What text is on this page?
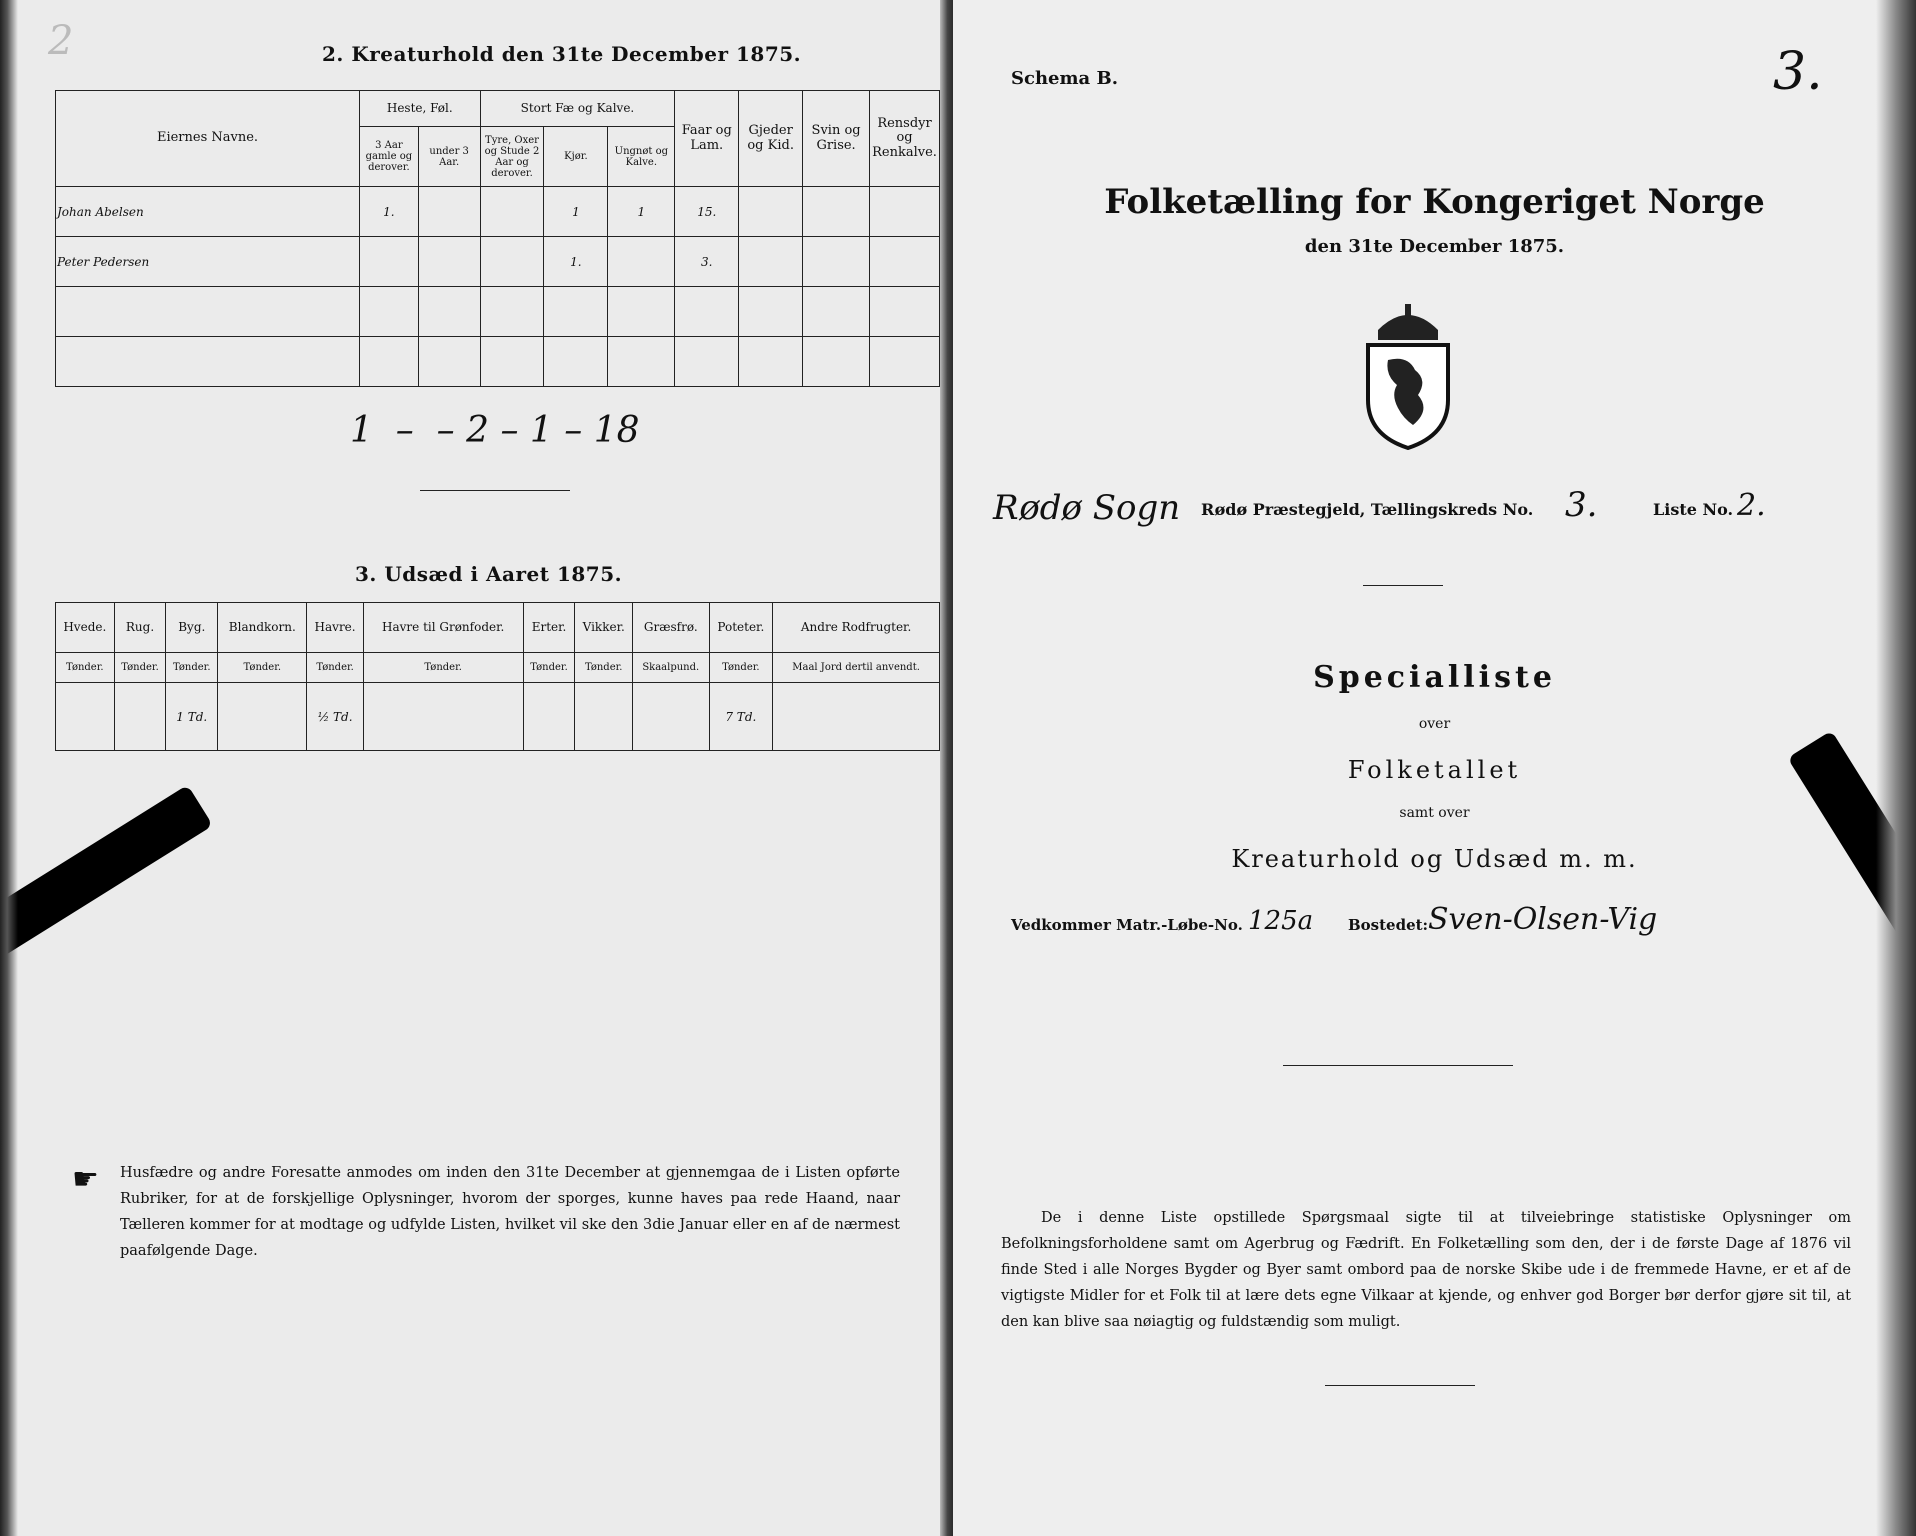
2	2. Kreaturhold den 31te December 1875.
Eiernes Navne.	Heste, Føl.		Stort Fæ og Kalve.			Faar og Lam.	Gjeder og Kid.	Svin og Grise.	Rensdyr og Renkalve.
	3 Aar gamle og derover.	under 3 Aar.	Tyre, Oxer og Stude 2 Aar og derover.	Kjør.	Ungnøt og Kalve.				
Johan Abelsen	1.			1	1	15.			
Peter Pedersen				1.		3.			

1  –  – 2 – 1 – 18
3. Udsæd i Aaret 1875.
Hvede.	Rug.	Byg.	Blandkorn.	Havre.	Havre til Grønfoder.	Erter.	Vikker.	Græsfrø.	Poteter.	Andre Rodfrugter.
Tønder.	Tønder.	Tønder.	Tønder.	Tønder.	Tønder.	Tønder.	Tønder.	Skaalpund.	Tønder.	Maal Jord dertil anvendt.
		1 Td.		½ Td.					7 Td.	
☛ Husfædre og andre Foresatte anmodes om inden den 31te December at gjennemgaa de i Listen opførte Rubriker, for at de forskjellige Oplysninger, hvorom der sporges, kunne haves paa rede Haand, naar Tælleren kommer for at modtage og udfylde Listen, hvilket vil ske den 3die Januar eller en af de nærmest paafølgende Dage.
Schema B.	3.
Folketælling for Kongeriget Norge
den 31te December 1875.
Rødø Sogn Rødø Præstegjeld, Tællingskreds No. 3.	Liste No. 2.
Specialliste
over
Folketallet
samt over
Kreaturhold og Udsæd m. m.
Vedkommer Matr.-Løbe-No. 125a Bostedet: Sven-Olsen-Vig
De i denne Liste opstillede Spørgsmaal sigte til at tilveiebringe statistiske Oplysninger om Befolkningsforholdene samt om Agerbrug og Fædrift. En Folketælling som den, der i de første Dage af 1876 vil finde Sted i alle Norges Bygder og Byer samt ombord paa de norske Skibe ude i de fremmede Havne, er et af de vigtigste Midler for et Folk til at lære dets egne Vilkaar at kjende, og enhver god Borger bør derfor gjøre sit til, at den kan blive saa nøiagtig og fuldstændig som muligt.
